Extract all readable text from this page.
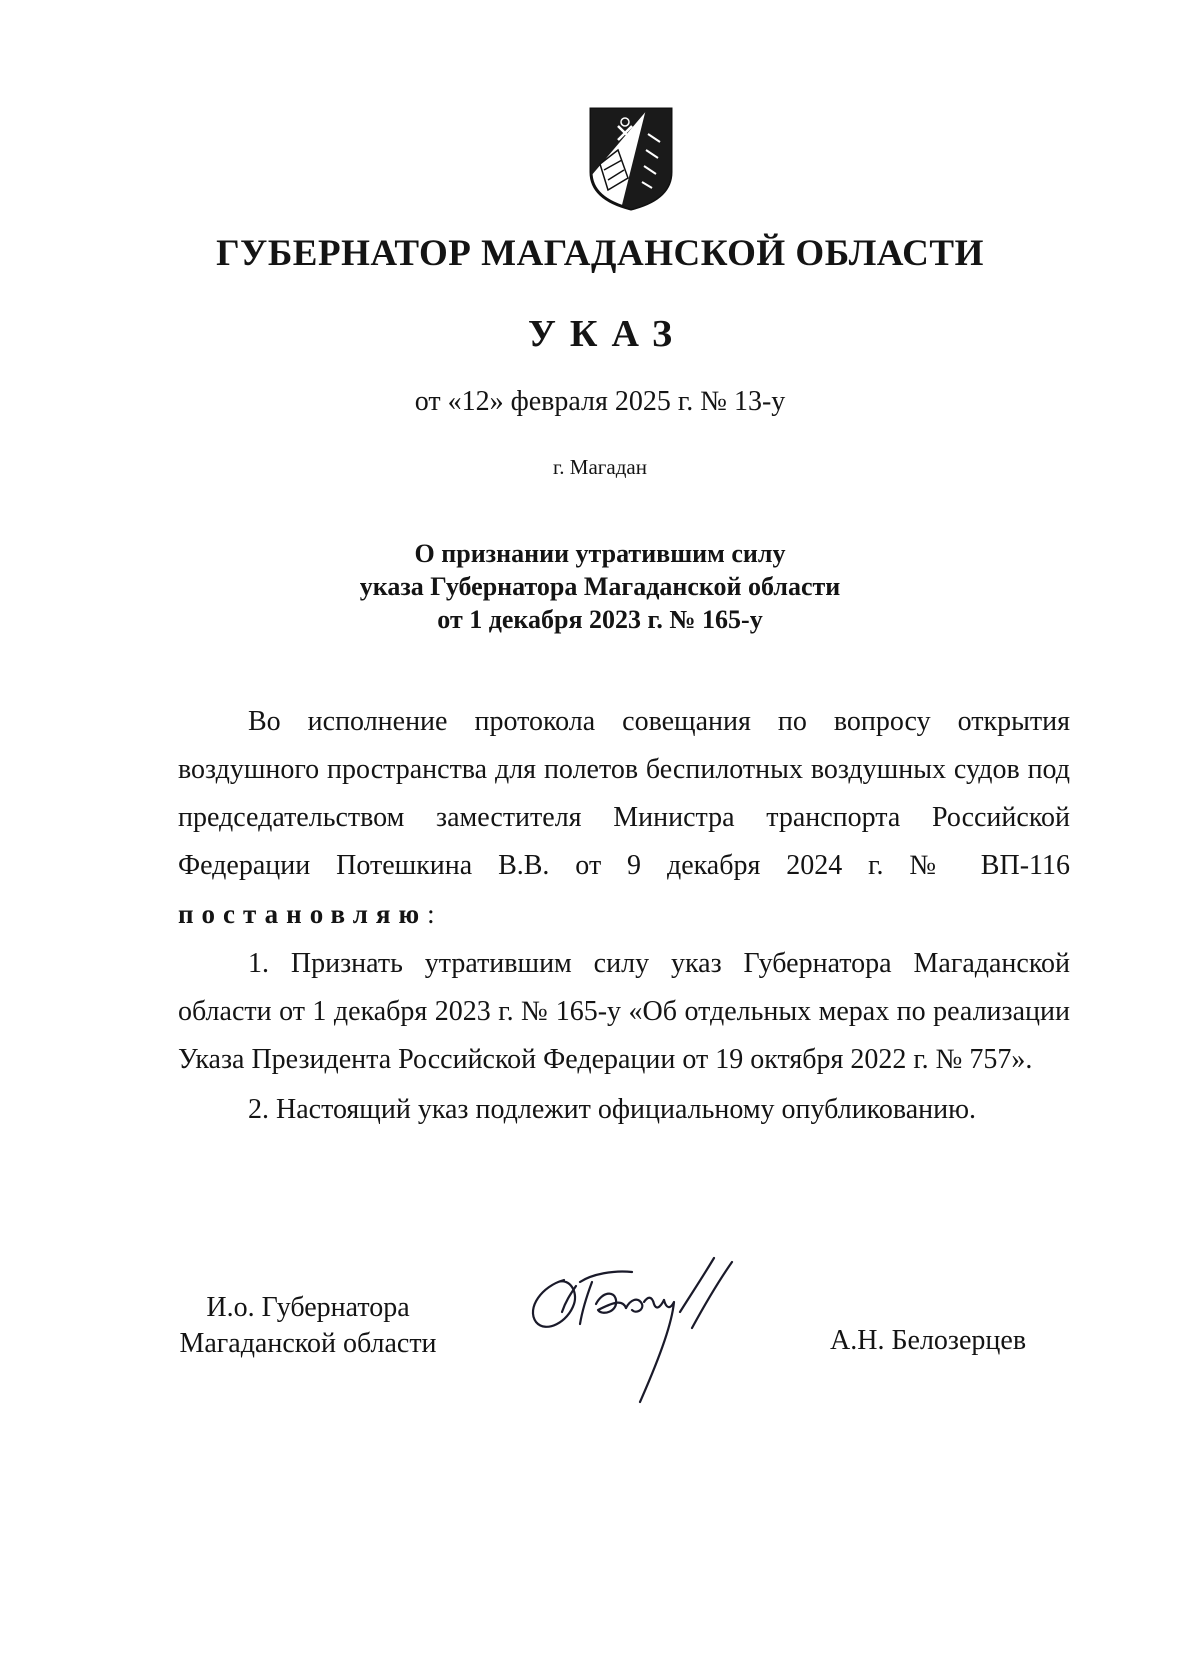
ГУБЕРНАТОР МАГАДАНСКОЙ ОБЛАСТИ
УКАЗ
от «12» февраля 2025 г. № 13-у
г. Магадан
О признании утратившим силу
указа Губернатора Магаданской области
от 1 декабря 2023 г. № 165-у
Во исполнение протокола совещания по вопросу открытия воздушного пространства для полетов беспилотных воздушных судов под председательством заместителя Министра транспорта Российской Федерации Потешкина В.В. от 9 декабря 2024 г. № ВП-116
постановляю:
1. Признать утратившим силу указ Губернатора Магаданской области от 1 декабря 2023 г. № 165-у «Об отдельных мерах по реализации Указа Президента Российской Федерации от 19 октября 2022 г. № 757».
2. Настоящий указ подлежит официальному опубликованию.
И.о. Губернатора
Магаданской области	А.Н. Белозерцев
